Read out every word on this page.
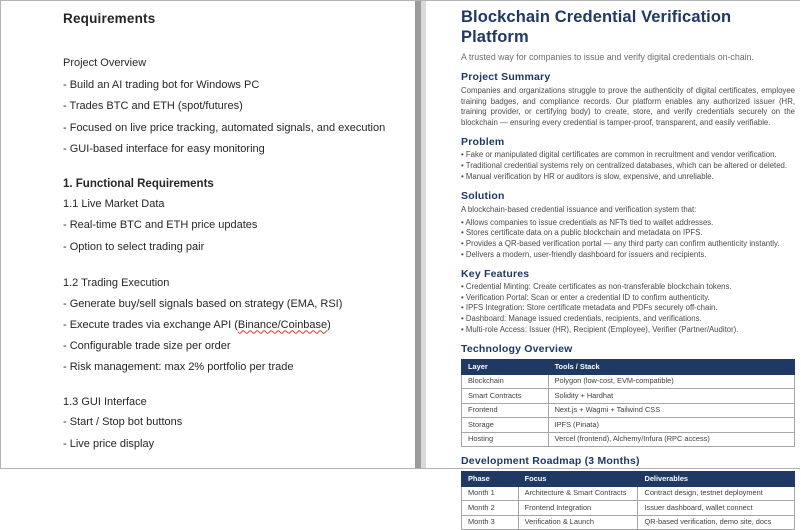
Requirements

Project Overview

- Build an AI trading bot for Windows PC

- Trades BTC and ETH (spot/futures)

- Focused on live price tracking, automated signals, and execution

- GUI-based interface for easy monitoring

1. Functional Requirements

1.1 Live Market Data

- Real-time BTC and ETH price updates

- Option to select trading pair

1.2 Trading Execution

- Generate buy/sell signals based on strategy (EMA, RSI)

- Execute trades via exchange API (Binance/Coinbase)

- Configurable trade size per order

- Risk management: max 2% portfolio per trade

1.3 GUI Interface

- Start / Stop bot buttons

- Live price display

Blockchain Credential Verification Platform

A trusted way for companies to issue and verify digital credentials on-chain.

Project Summary

Companies and organizations struggle to prove the authenticity of digital certificates, employee training badges, and compliance records. Our platform enables any authorized issuer (HR, training provider, or certifying body) to create, store, and verify credentials securely on the blockchain — ensuring every credential is tamper-proof, transparent, and easily verifiable.

Problem
• Fake or manipulated digital certificates are common in recruitment and vendor verification.
• Traditional credential systems rely on centralized databases, which can be altered or deleted.
• Manual verification by HR or auditors is slow, expensive, and unreliable.
Solution

A blockchain-based credential issuance and verification system that:

• Allows companies to issue credentials as NFTs tied to wallet addresses.
• Stores certificate data on a public blockchain and metadata on IPFS.
• Provides a QR-based verification portal — any third party can confirm authenticity instantly.
• Delivers a modern, user-friendly dashboard for issuers and recipients.
Key Features
• Credential Minting: Create certificates as non-transferable blockchain tokens.
• Verification Portal: Scan or enter a credential ID to confirm authenticity.
• IPFS Integration: Store certificate metadata and PDFs securely off-chain.
• Dashboard: Manage issued credentials, recipients, and verifications.
• Multi-role Access: Issuer (HR), Recipient (Employee), Verifier (Partner/Auditor).
Technology Overview
Layer	Tools / Stack
Blockchain	Polygon (low-cost, EVM-compatible)
Smart Contracts	Solidity + Hardhat
Frontend	Next.js + Wagmi + Tailwind CSS
Storage	IPFS (Pinata)
Hosting	Vercel (frontend), Alchemy/Infura (RPC access)
Development Roadmap (3 Months)
Phase	Focus	Deliverables
Month 1	Architecture & Smart Contracts	Contract design, testnet deployment
Month 2	Frontend Integration	Issuer dashboard, wallet connect
Month 3	Verification & Launch	QR-based verification, demo site, docs
